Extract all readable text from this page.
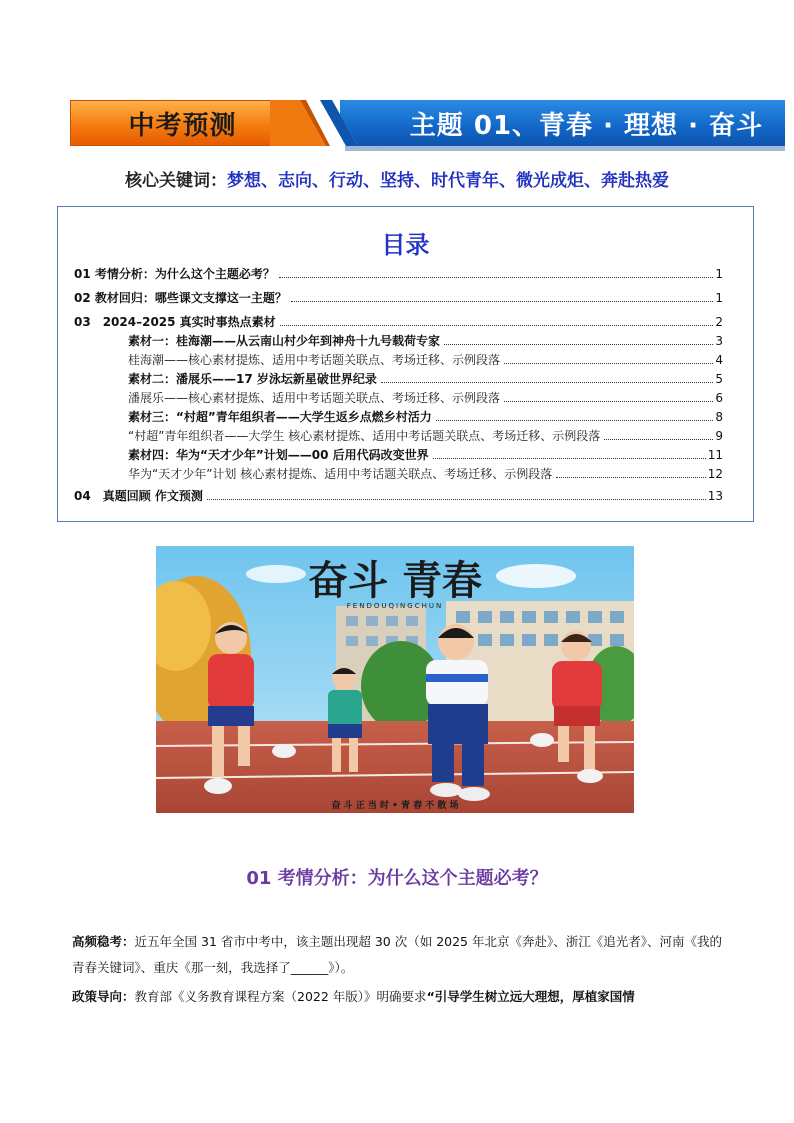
主题 01、青春 · 理想 · 奋斗
中考预测
核心关键词：梦想、志向、行动、坚持、时代青年、微光成炬、奔赴热爱
目录
01 考情分析：为什么这个主题必考？	1
02 教材回归：哪些课文支撑这一主题？	1
03　2024–2025 真实时事热点素材	2
素材一：桂海潮——从云南山村少年到神舟十九号载荷专家	3
桂海潮——核心素材提炼、适用中考话题关联点、考场迁移、示例段落	4
素材二：潘展乐——17 岁泳坛新星破世界纪录	5
潘展乐——核心素材提炼、适用中考话题关联点、考场迁移、示例段落	6
素材三：“村超”青年组织者——大学生返乡点燃乡村活力	8
“村超”青年组织者——大学生 核心素材提炼、适用中考话题关联点、考场迁移、示例段落	9
素材四：华为“天才少年”计划——00 后用代码改变世界	11
华为“天才少年”计划 核心素材提炼、适用中考话题关联点、考场迁移、示例段落	12
04　真题回顾 作文预测	13
奋斗 青春
FENDOUQINGCHUN
奋 斗 正 当 时 • 青 春 不 散 场
01 考情分析：为什么这个主题必考？
高频稳考：近五年全国 31 省市中考中，该主题出现超 30 次（如 2025 年北京《奔赴》、浙江《追光者》、河南《我的青春关键词》、重庆《那一刻，我选择了______》）。
政策导向：教育部《义务教育课程方案（2022 年版）》明确要求“引导学生树立远大理想，厚植家国情
